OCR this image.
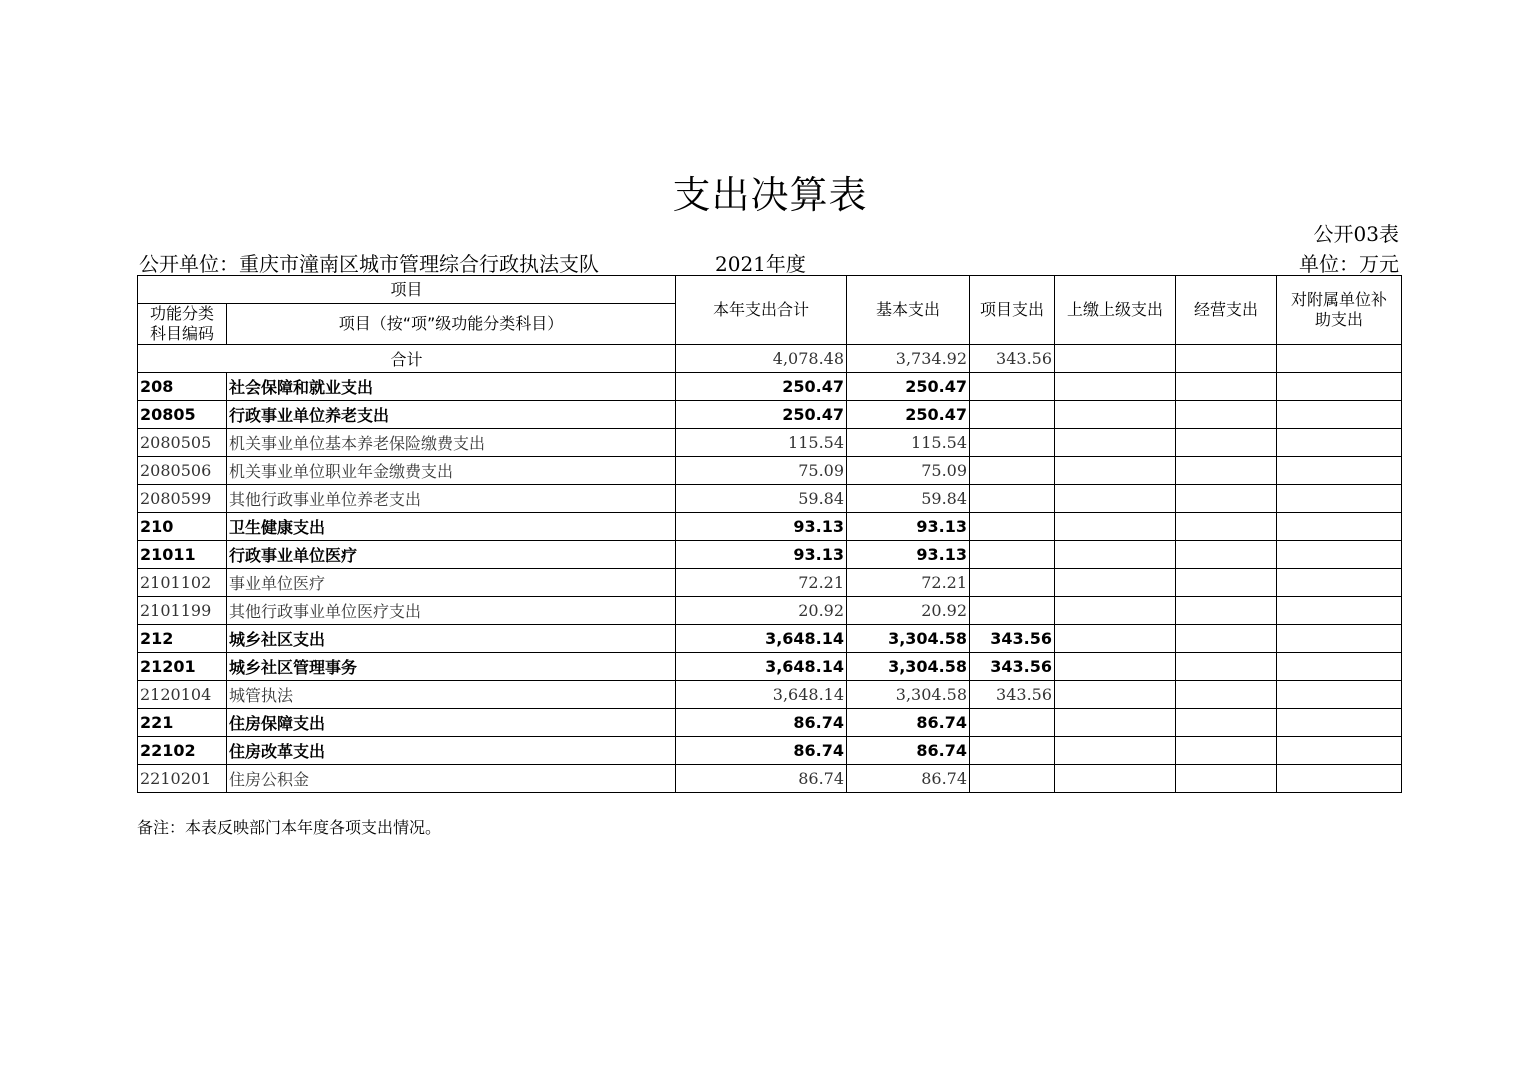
支出决算表
公开03表
公开单位：重庆市潼南区城市管理综合行政执法支队	2021年度	单位：万元
项目		本年支出合计	基本支出	项目支出	上缴上级支出	经营支出	对附属单位补助支出
功能分类科目编码	项目（按“项”级功能分类科目）						
合计		4,078.48	3,734.92	343.56			
208	社会保障和就业支出	250.47	250.47				
20805	行政事业单位养老支出	250.47	250.47				
2080505	机关事业单位基本养老保险缴费支出	115.54	115.54				
2080506	机关事业单位职业年金缴费支出	75.09	75.09				
2080599	其他行政事业单位养老支出	59.84	59.84				
210	卫生健康支出	93.13	93.13				
21011	行政事业单位医疗	93.13	93.13				
2101102	事业单位医疗	72.21	72.21				
2101199	其他行政事业单位医疗支出	20.92	20.92				
212	城乡社区支出	3,648.14	3,304.58	343.56			
21201	城乡社区管理事务	3,648.14	3,304.58	343.56			
2120104	城管执法	3,648.14	3,304.58	343.56			
221	住房保障支出	86.74	86.74				
22102	住房改革支出	86.74	86.74				
2210201	住房公积金	86.74	86.74				
备注：本表反映部门本年度各项支出情况。
